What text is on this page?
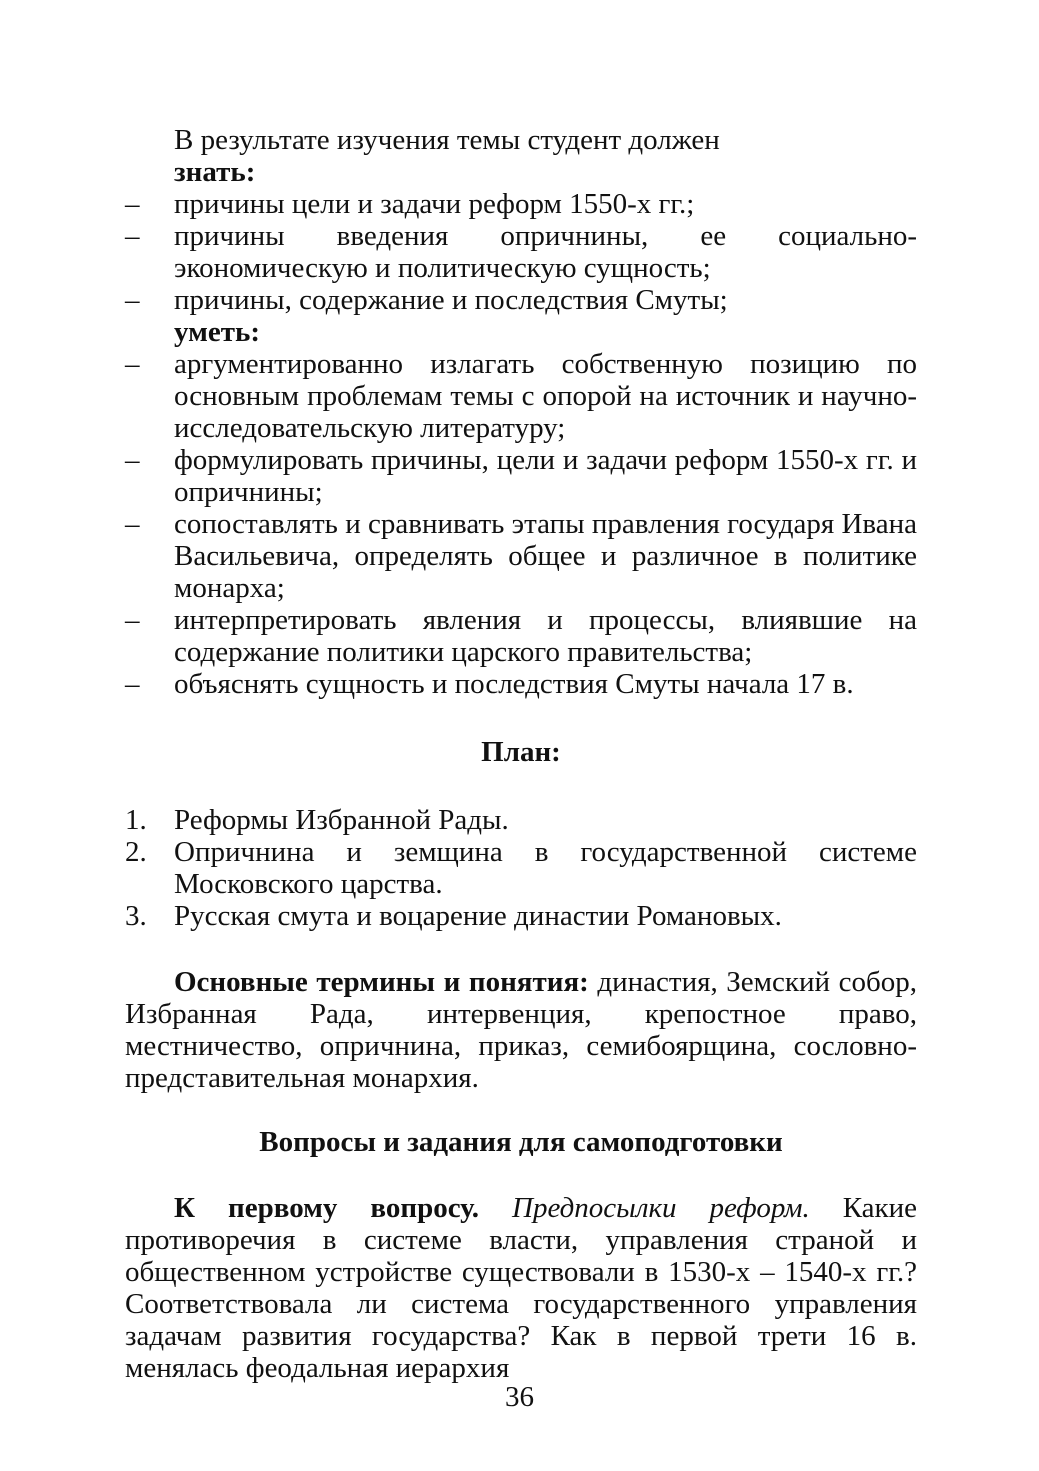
В результате изучения темы студент должен
знать:
– причины цели и задачи реформ 1550-х гг.;
– причины введения опричнины, ее социально-экономическую и политическую сущность;
– причины, содержание и последствия Смуты;
уметь:
– аргументированно излагать собственную позицию по основным проблемам темы с опорой на источник и научно-исследовательскую литературу;
– формулировать причины, цели и задачи реформ 1550-х гг. и опричнины;
– сопоставлять и сравнивать этапы правления государя Ивана Васильевича, определять общее и различное в политике монарха;
– интерпретировать явления и процессы, влиявшие на содержание политики царского правительства;
– объяснять сущность и последствия Смуты начала 17 в.
План:
1. Реформы Избранной Рады.
2. Опричнина и земщина в государственной системе Московского царства.
3. Русская смута и воцарение династии Романовых.
Основные термины и понятия: династия, Земский собор, Избранная Рада, интервенция, крепостное право, местничество, опричнина, приказ, семибоярщина, сословно-представительная монархия.
Вопросы и задания для самоподготовки
К первому вопросу. Предпосылки реформ. Какие противоречия в системе власти, управления страной и общественном устройстве существовали в 1530-х – 1540-х гг.? Соответствовала ли система государственного управления задачам развития государства? Как в первой трети 16 в. менялась феодальная иерархия
36
